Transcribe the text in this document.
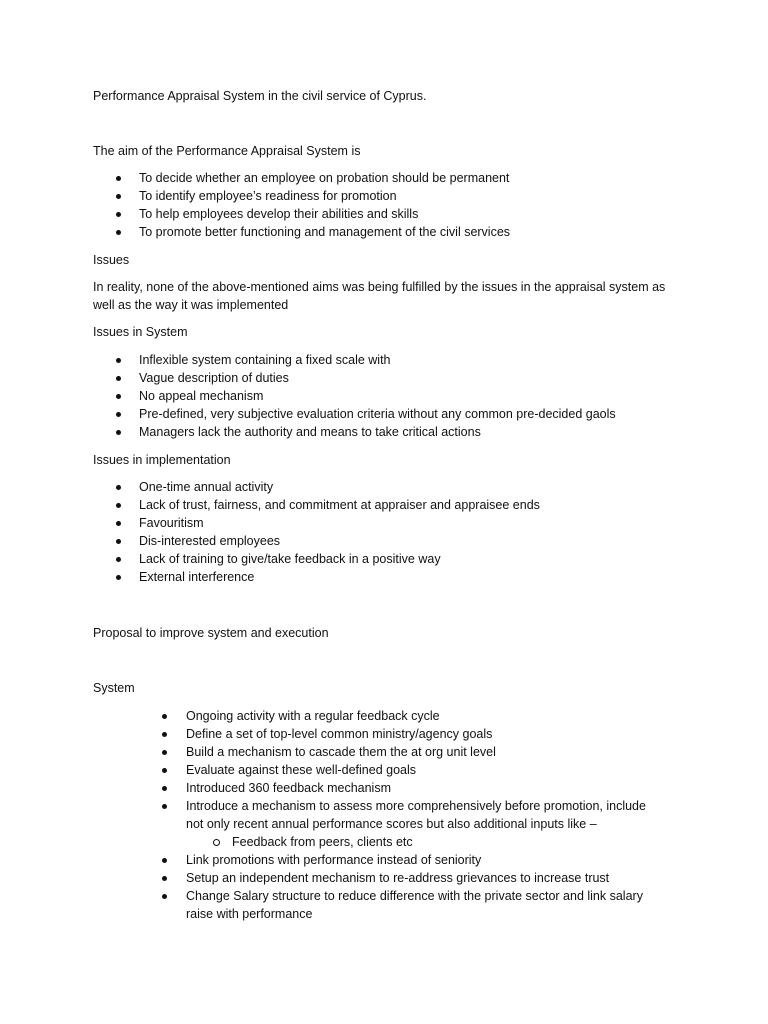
Performance Appraisal System in the civil service of Cyprus.
The aim of the Performance Appraisal System is
To decide whether an employee on probation should be permanent
To identify employee’s readiness for promotion
To help employees develop their abilities and skills
To promote better functioning and management of the civil services
Issues
In reality, none of the above-mentioned aims was being fulfilled by the issues in the appraisal system as well as the way it was implemented
Issues in System
Inflexible system containing a fixed scale with
Vague description of duties
No appeal mechanism
Pre-defined, very subjective evaluation criteria without any common pre-decided gaols
Managers lack the authority and means to take critical actions
Issues in implementation
One-time annual activity
Lack of trust, fairness, and commitment at appraiser and appraisee ends
Favouritism
Dis-interested employees
Lack of training to give/take feedback in a positive way
External interference
Proposal to improve system and execution
System
Ongoing activity with a regular feedback cycle
Define a set of top-level common ministry/agency goals
Build a mechanism to cascade them the at org unit level
Evaluate against these well-defined goals
Introduced 360 feedback mechanism
Introduce a mechanism to assess more comprehensively before promotion, include not only recent annual performance scores but also additional inputs like –
Feedback from peers, clients etc
Link promotions with performance instead of seniority
Setup an independent mechanism to re-address grievances to increase trust
Change Salary structure to reduce difference with the private sector and link salary raise with performance
